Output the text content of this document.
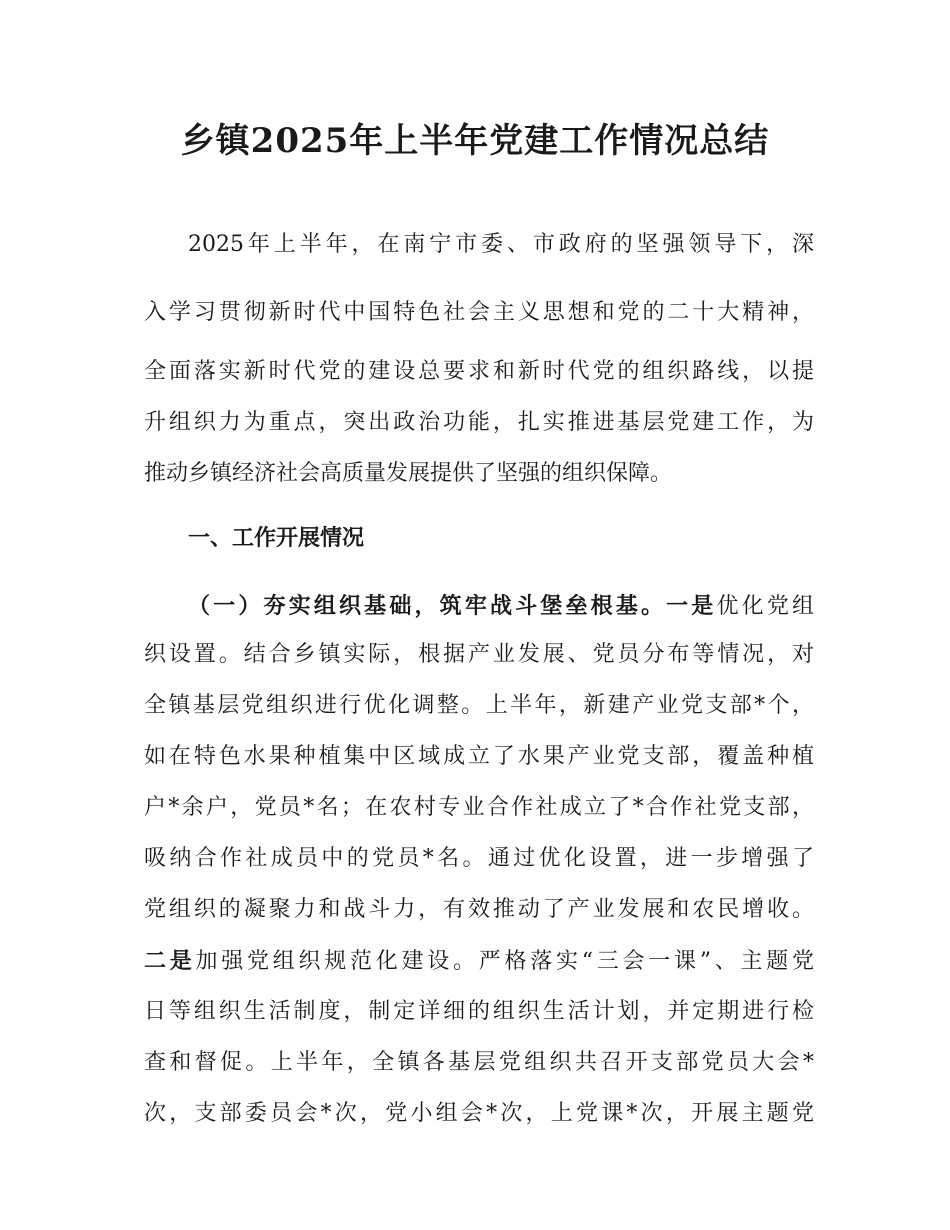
乡镇2025年上半年党建工作情况总结
2025年上半年，在南宁市委、市政府的坚强领导下，深
入学习贯彻新时代中国特色社会主义思想和党的二十大精神，
全面落实新时代党的建设总要求和新时代党的组织路线，以提
升组织力为重点，突出政治功能，扎实推进基层党建工作，为
推动乡镇经济社会高质量发展提供了坚强的组织保障。
一、工作开展情况
（一）夯实组织基础，筑牢战斗堡垒根基。一是优化党组
织设置。结合乡镇实际，根据产业发展、党员分布等情况，对
全镇基层党组织进行优化调整。上半年，新建产业党支部*个，
如在特色水果种植集中区域成立了水果产业党支部，覆盖种植
户*余户，党员*名；在农村专业合作社成立了*合作社党支部，
吸纳合作社成员中的党员*名。通过优化设置，进一步增强了
党组织的凝聚力和战斗力，有效推动了产业发展和农民增收。
二是加强党组织规范化建设。严格落实“三会一课”、主题党
日等组织生活制度，制定详细的组织生活计划，并定期进行检
查和督促。上半年，全镇各基层党组织共召开支部党员大会*
次，支部委员会*次，党小组会*次，上党课*次，开展主题党
